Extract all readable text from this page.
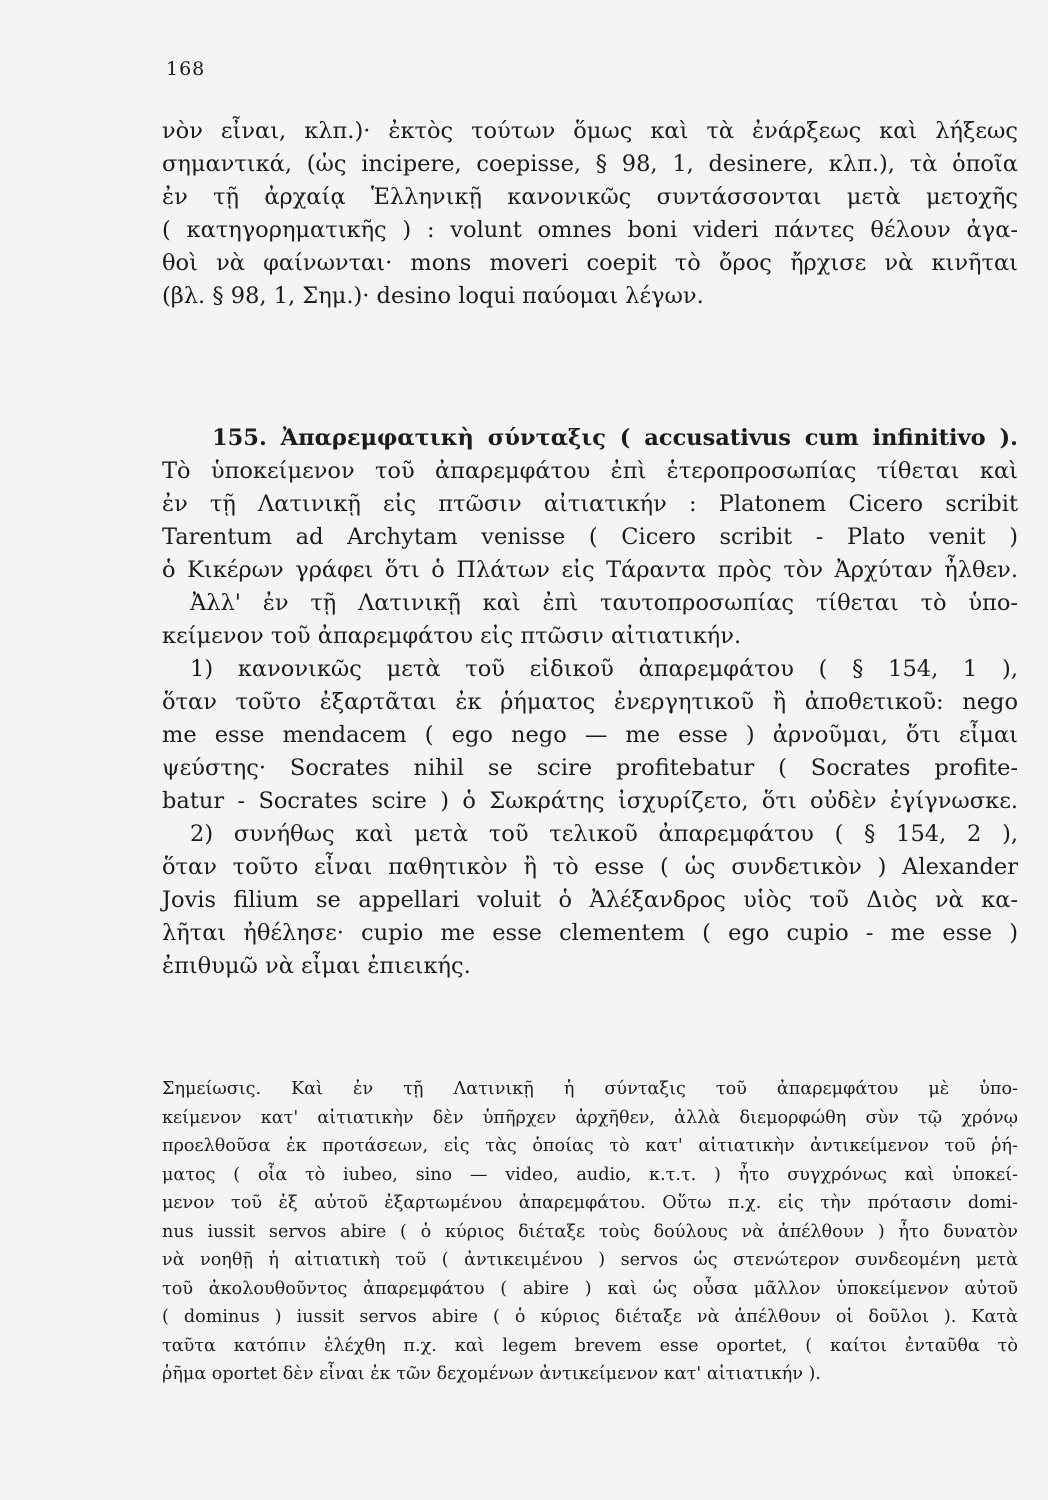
168
νὸν εἶναι, κλπ.)· ἐκτὸς τούτων ὅμως καὶ τὰ ἐνάρξεως καὶ λήξεως
σημαντικά, (ὡς incipere, coepisse, § 98, 1, desinere, κλπ.), τὰ ὁποῖα
ἐν τῇ ἀρχαίᾳ Ἑλληνικῇ κανονικῶς συντάσσονται μετὰ μετοχῆς
( κατηγορηματικῆς ) : volunt omnes boni videri πάντες θέλουν ἀγα-
θοὶ νὰ φαίνωνται· mons moveri coepit τὸ ὄρος ἤρχισε νὰ κινῆται
(βλ. § 98, 1, Σημ.)· desino loqui παύομαι λέγων.
155. Ἀπαρεμφατικὴ σύνταξις ( accusativus cum infinitivo ).
Τὸ ὑποκείμενον τοῦ ἀπαρεμφάτου ἐπὶ ἑτεροπροσωπίας τίθεται καὶ
ἐν τῇ Λατινικῇ εἰς πτῶσιν αἰτιατικήν : Platonem Cicero scribit
Tarentum ad Archytam venisse ( Cicero scribit - Plato venit )
ὁ Κικέρων γράφει ὅτι ὁ Πλάτων εἰς Τάραντα πρὸς τὸν Ἀρχύταν ἦλθεν.
Ἀλλ' ἐν τῇ Λατινικῇ καὶ ἐπὶ ταυτοπροσωπίας τίθεται τὸ ὑπο-
κείμενον τοῦ ἀπαρεμφάτου εἰς πτῶσιν αἰτιατικήν.
1) κανονικῶς μετὰ τοῦ εἰδικοῦ ἀπαρεμφάτου ( § 154, 1 ),
ὅταν τοῦτο ἐξαρτᾶται ἐκ ῥήματος ἐνεργητικοῦ ἢ ἀποθετικοῦ: nego
me esse mendacem ( ego nego — me esse ) ἀρνοῦμαι, ὅτι εἶμαι
ψεύστης· Socrates nihil se scire profitebatur ( Socrates profite-
batur - Socrates scire ) ὁ Σωκράτης ἰσχυρίζετο, ὅτι οὐδὲν ἐγίγνωσκε.
2) συνήθως καὶ μετὰ τοῦ τελικοῦ ἀπαρεμφάτου ( § 154, 2 ),
ὅταν τοῦτο εἶναι παθητικὸν ἢ τὸ esse ( ὡς συνδετικὸν ) Alexander
Jovis filium se appellari voluit ὁ Ἀλέξανδρος υἱὸς τοῦ Διὸς νὰ κα-
λῆται ἠθέλησε· cupio me esse clementem ( ego cupio - me esse )
ἐπιθυμῶ νὰ εἶμαι ἐπιεικής.
Σημείωσις. Καὶ ἐν τῇ Λατινικῇ ἡ σύνταξις τοῦ ἀπαρεμφάτου μὲ ὑπο-
κείμενον κατ' αἰτιατικὴν δὲν ὑπῆρχεν ἀρχῆθεν, ἀλλὰ διεμορφώθη σὺν τῷ χρόνῳ
προελθοῦσα ἐκ προτάσεων, εἰς τὰς ὁποίας τὸ κατ' αἰτιατικὴν ἀντικείμενον τοῦ ῥή-
ματος ( οἷα τὸ iubeo, sino — video, audio, κ.τ.τ. ) ἦτο συγχρόνως καὶ ὑποκεί-
μενον τοῦ ἐξ αὐτοῦ ἐξαρτωμένου ἀπαρεμφάτου. Οὕτω π.χ. εἰς τὴν πρότασιν domi-
nus iussit servos abire ( ὁ κύριος διέταξε τοὺς δούλους νὰ ἀπέλθουν ) ἦτο δυνατὸν
νὰ νοηθῇ ἡ αἰτιατικὴ τοῦ ( ἀντικειμένου ) servos ὡς στενώτερον συνδεομένη μετὰ
τοῦ ἀκολουθοῦντος ἀπαρεμφάτου ( abire ) καὶ ὡς οὖσα μᾶλλον ὑποκείμενον αὐτοῦ
( dominus ) iussit servos abire ( ὁ κύριος διέταξε νὰ ἀπέλθουν οἱ δοῦλοι ). Κατὰ
ταῦτα κατόπιν ἐλέχθη π.χ. καὶ legem brevem esse oportet, ( καίτοι ἐνταῦθα τὸ
ῥῆμα oportet δὲν εἶναι ἐκ τῶν δεχομένων ἀντικείμενον κατ' αἰτιατικήν ).
